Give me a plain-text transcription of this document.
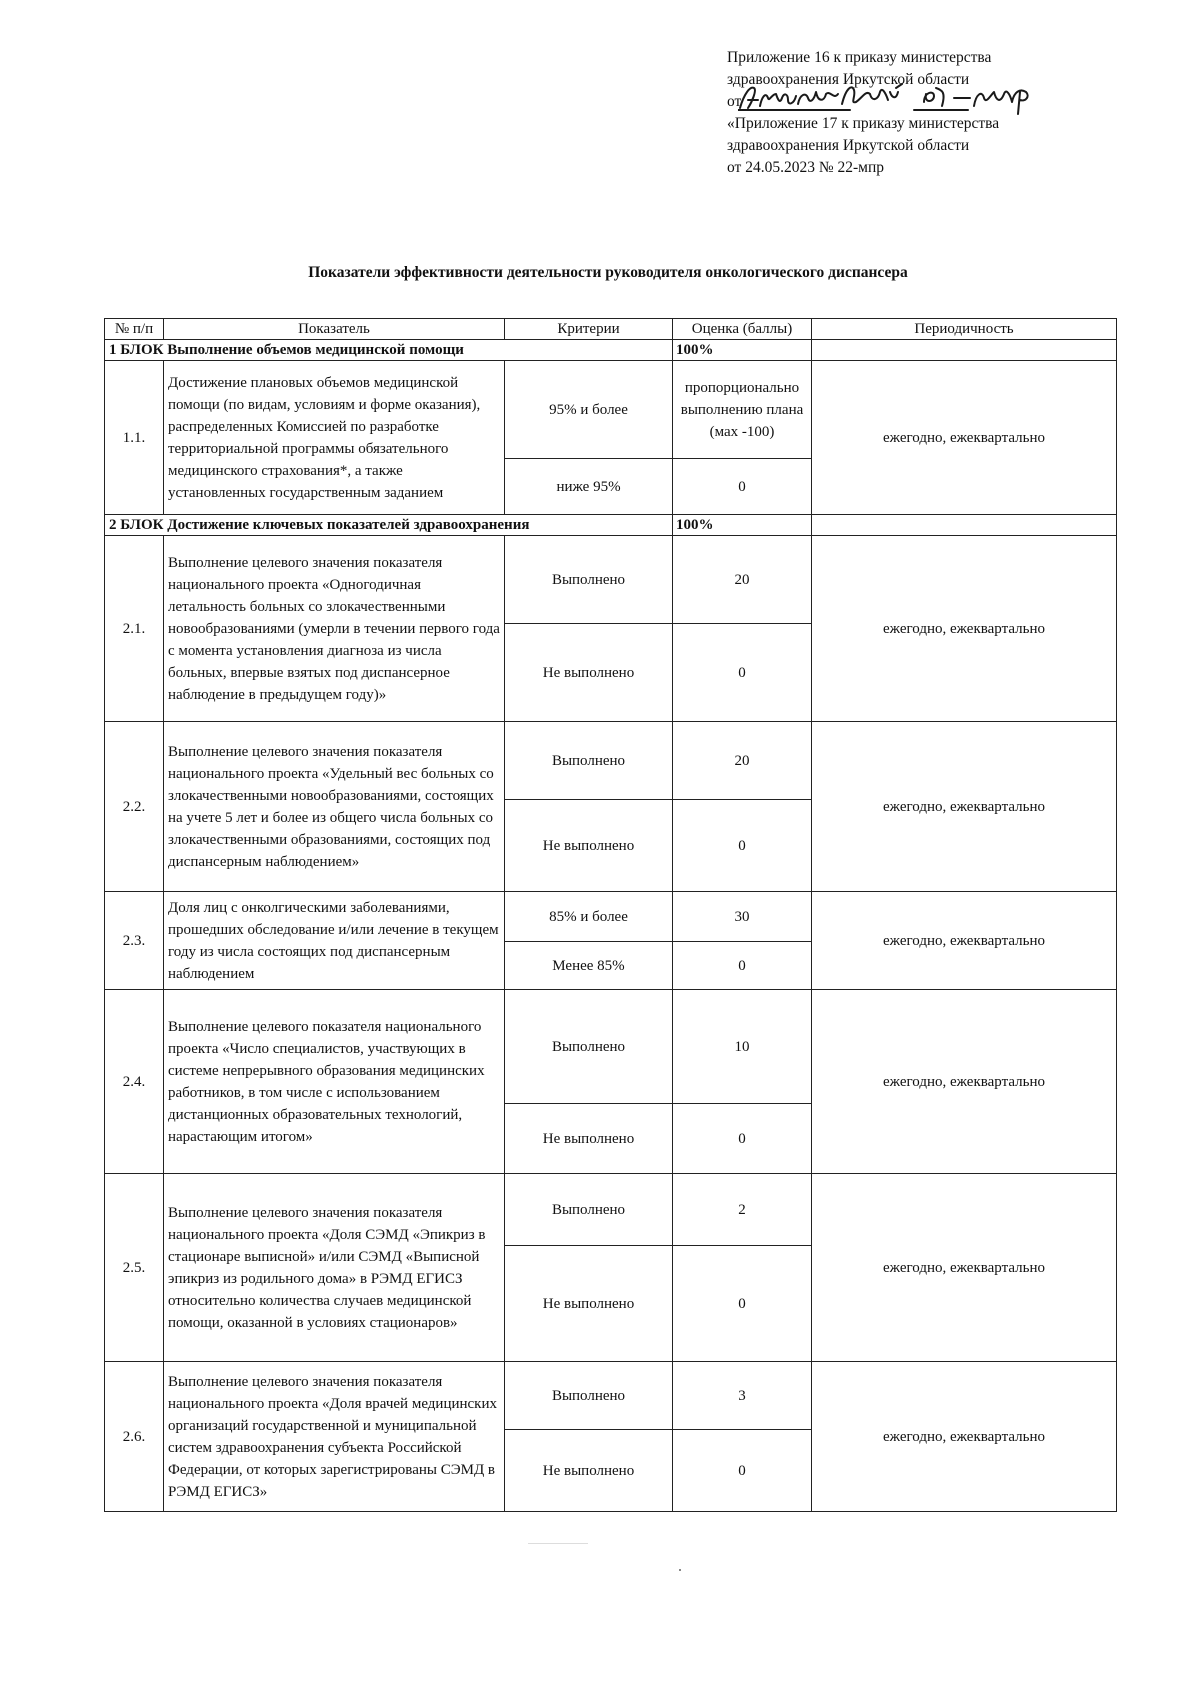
Приложение 16 к приказу министерства
здравоохранения Иркутской области
от
«Приложение 17 к приказу министерства
здравоохранения Иркутской области
от 24.05.2023 № 22-мпр
Показатели эффективности деятельности руководителя онкологического диспансера
№ п/п	Показатель	Критерии	Оценка (баллы)	Периодичность
1 БЛОК Выполнение объемов медицинской помощи			100%	
1.1.	Достижение плановых объемов медицинской помощи (по видам, условиям и форме оказания), распределенных Комиссией по разработке территориальной программы обязательного медицинского страхования*, а также установленных государственным заданием	95% и более	пропорционально выполнению плана (мах -100)	ежегодно, ежеквартально
		ниже 95%	0	
2 БЛОК Достижение ключевых показателей здравоохранения			100%	
2.1.	Выполнение целевого значения показателя национального проекта «Одногодичная летальность больных со злокачественными новообразованиями (умерли в течении первого года с момента установления диагноза из числа больных, впервые взятых под диспансерное наблюдение в предыдущем году)»	Выполнено	20	ежегодно, ежеквартально
		Не выполнено	0	
2.2.	Выполнение целевого значения показателя национального проекта «Удельный вес больных со злокачественными новообразованиями, состоящих на учете 5 лет и более из общего числа больных со злокачественными образованиями, состоящих под диспансерным наблюдением»	Выполнено	20	ежегодно, ежеквартально
		Не выполнено	0	
2.3.	Доля лиц с онколгическими заболеваниями, прошедших обследование и/или лечение в текущем году из числа состоящих под диспансерным наблюдением	85% и более	30	ежегодно, ежеквартально
		Менее 85%	0	
2.4.	Выполнение целевого показателя национального проекта «Число специалистов, участвующих в системе непрерывного образования медицинских работников, в том числе с использованием дистанционных образовательных технологий, нарастающим итогом»	Выполнено	10	ежегодно, ежеквартально
		Не выполнено	0	
2.5.	Выполнение целевого значения показателя национального проекта «Доля СЭМД «Эпикриз в стационаре выписной» и/или СЭМД «Выписной эпикриз из родильного дома» в РЭМД ЕГИСЗ относительно количества случаев медицинской помощи, оказанной в условиях стационаров»	Выполнено	2	ежегодно, ежеквартально
		Не выполнено	0	
2.6.	Выполнение целевого значения показателя национального проекта «Доля врачей медицинских организаций государственной и муниципальной систем здравоохранения субъекта Российской Федерации, от которых зарегистрированы СЭМД в РЭМД ЕГИСЗ»	Выполнено	3	ежегодно, ежеквартально
		Не выполнено	0	
